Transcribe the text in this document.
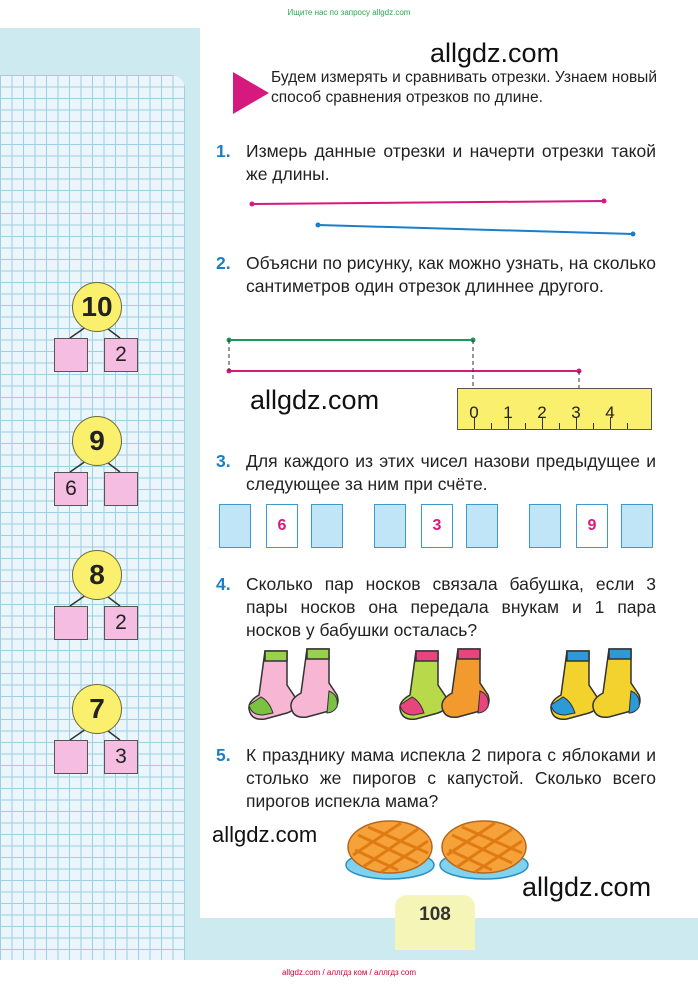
Ищите нас по запросу allgdz.com
allgdz.com
allgdz.com
allgdz.com
allgdz.com
Будем измерять и сравнивать отрезки. Узнаем новый способ сравнения отрезков по длине.
1. Измерь данные отрезки и начерти отрезки такой же длины.
2. Объясни по рисунку, как можно узнать, на сколько сантиметров один отрезок длиннее другого.
0	1	2	3	4
3. Для каждого из этих чисел назови предыдущее и следующее за ним при счёте.
6	3	9
4. Сколько пар носков связала бабушка, если 3 пары носков она передала внукам и 1 пара носков у бабушки осталась?
5. К празднику мама испекла 2 пирога с яблоками и столько же пирогов с капустой. Сколько всего пирогов испекла мама?
10
2
9
6
8
2
7
3
108
allgdz.com / аллгдз ком / аллгдз com
